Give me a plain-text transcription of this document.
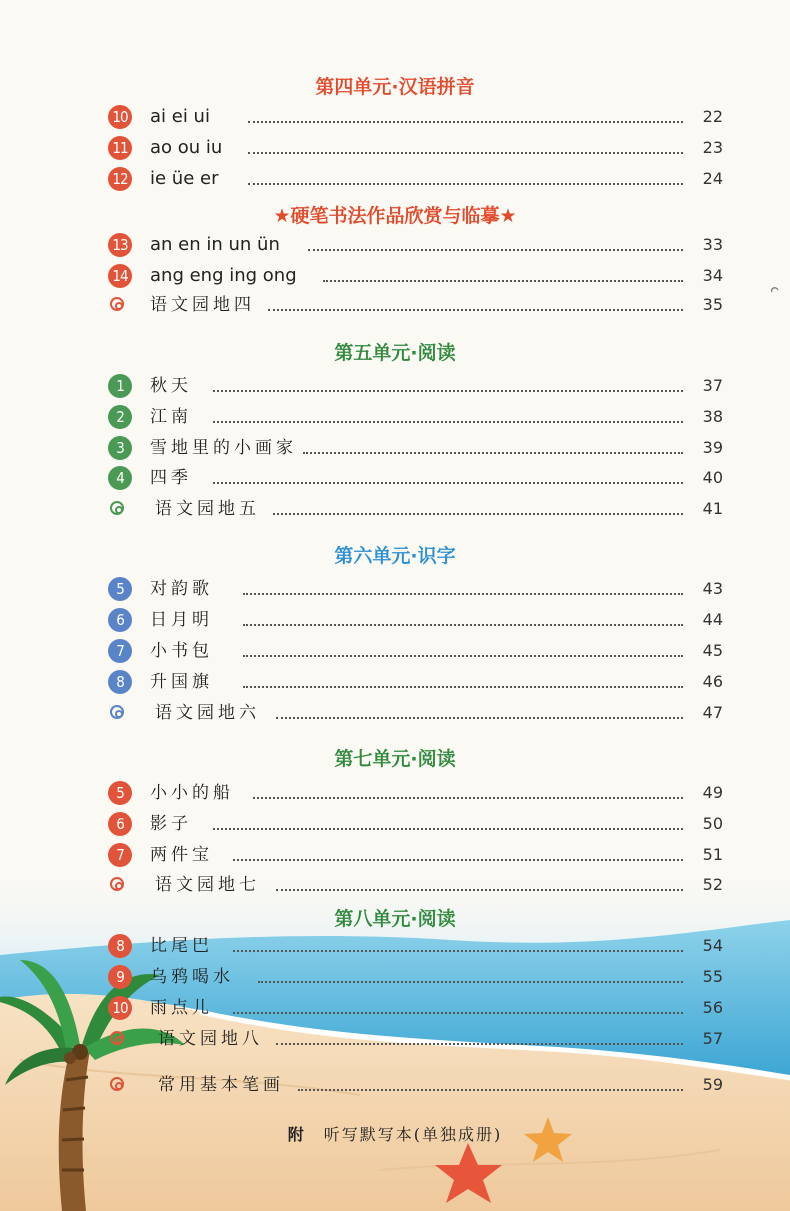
第四单元·汉语拼音
10 ai ei ui	22
11 ao ou iu	23
12 ie üe er	24
★硬笔书法作品欣赏与临摹★
13 an en in un ün	33
14 ang eng ing ong	34
语文园地四	35
第五单元·阅读
1	秋天	37
2	江南	38
3	雪地里的小画家	39
4	四季	40
语文园地五	41
第六单元·识字
5	对韵歌	43
6	日月明	44
7	小书包	45
8	升国旗	46
语文园地六	47
第七单元·阅读
5	小小的船	49
6	影子	50
7	两件宝	51
语文园地七	52
第八单元·阅读
8	比尾巴	54
9	乌鸦喝水	55
10 雨点儿	56
语文园地八	57
常用基本笔画	59
附 听写默写本(单独成册)
